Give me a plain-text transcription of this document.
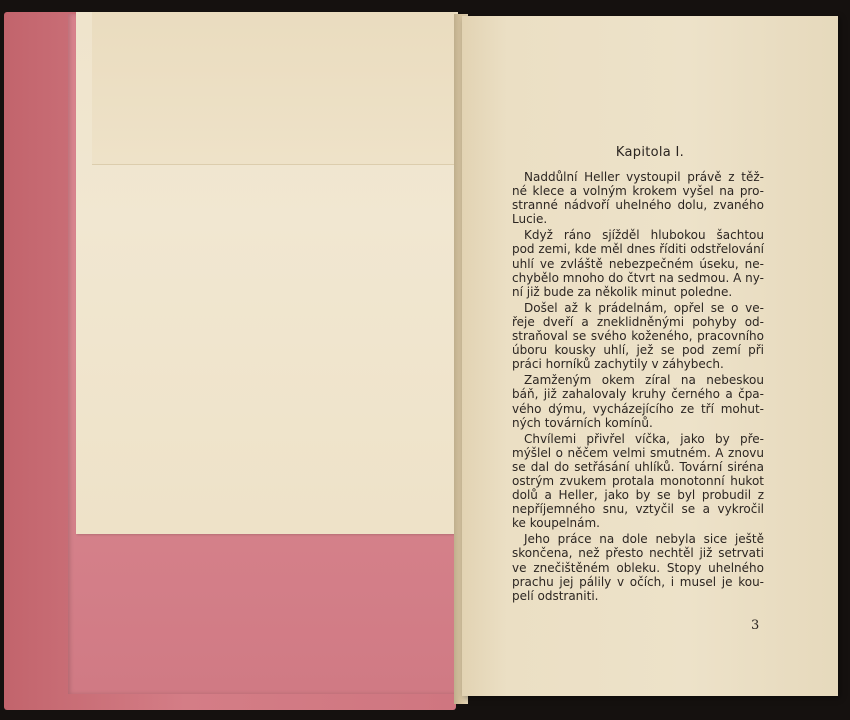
Kapitola I.
Naddůlní Heller vystoupil právě z těž-
né klece a volným krokem vyšel na pro-
stranné nádvoří uhelného dolu, zvaného
Lucie.
Když ráno sjížděl hlubokou šachtou
pod zemi, kde měl dnes říditi odstřelování
uhlí ve zvláště nebezpečném úseku, ne-
chybělo mnoho do čtvrt na sedmou. A ny-
ní již bude za několik minut poledne.
Došel až k prádelnám, opřel se o ve-
řeje dveří a zneklidněnými pohyby od-
straňoval se svého koženého, pracovního
úboru kousky uhlí, jež se pod zemí při
práci horníků zachytily v záhybech.
Zamženým okem zíral na nebeskou
báň, již zahalovaly kruhy černého a čpa-
vého dýmu, vycházejícího ze tří mohut-
ných továrních komínů.
Chvílemi přivřel víčka, jako by pře-
mýšlel o něčem velmi smutném. A znovu
se dal do setřásání uhlíků. Tovární siréna
ostrým zvukem protala monotonní hukot
dolů a Heller, jako by se byl probudil z
nepříjemného snu, vztyčil se a vykročil
ke koupelnám.
Jeho práce na dole nebyla sice ještě
skončena, než přesto nechtěl již setrvati
ve znečištěném obleku. Stopy uhelného
prachu jej pálily v očích, i musel je kou-
pelí odstraniti.
3
